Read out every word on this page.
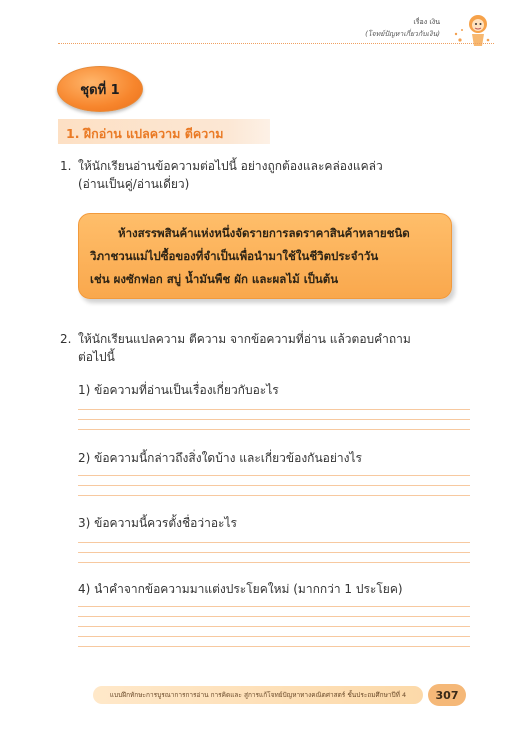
เรื่อง เงิน
(โจทย์ปัญหาเกี่ยวกับเงิน)
ชุดที่ 1
1. ฝึกอ่าน แปลความ ตีความ
1. ให้นักเรียนอ่านข้อความต่อไปนี้ อย่างถูกต้องและคล่องแคล่ว
(อ่านเป็นคู่/อ่านเดี่ยว)
ห้างสรรพสินค้าแห่งหนึ่งจัดรายการลดราคาสินค้าหลายชนิด
วิภาชวนแม่ไปซื้อของที่จำเป็นเพื่อนำมาใช้ในชีวิตประจำวัน
เช่น ผงซักฟอก สบู่ น้ำมันพืช ผัก และผลไม้ เป็นต้น
2. ให้นักเรียนแปลความ ตีความ จากข้อความที่อ่าน แล้วตอบคำถาม
ต่อไปนี้
1) ข้อความที่อ่านเป็นเรื่องเกี่ยวกับอะไร
2) ข้อความนี้กล่าวถึงสิ่งใดบ้าง และเกี่ยวข้องกันอย่างไร
3) ข้อความนี้ควรตั้งชื่อว่าอะไร
4) นำคำจากข้อความมาแต่งประโยคใหม่ (มากกว่า 1 ประโยค)
แบบฝึกทักษะการบูรณาการการอ่าน การคิดและ สู่การแก้โจทย์ปัญหาทางคณิตศาสตร์ ชั้นประถมศึกษาปีที่ 4	307
